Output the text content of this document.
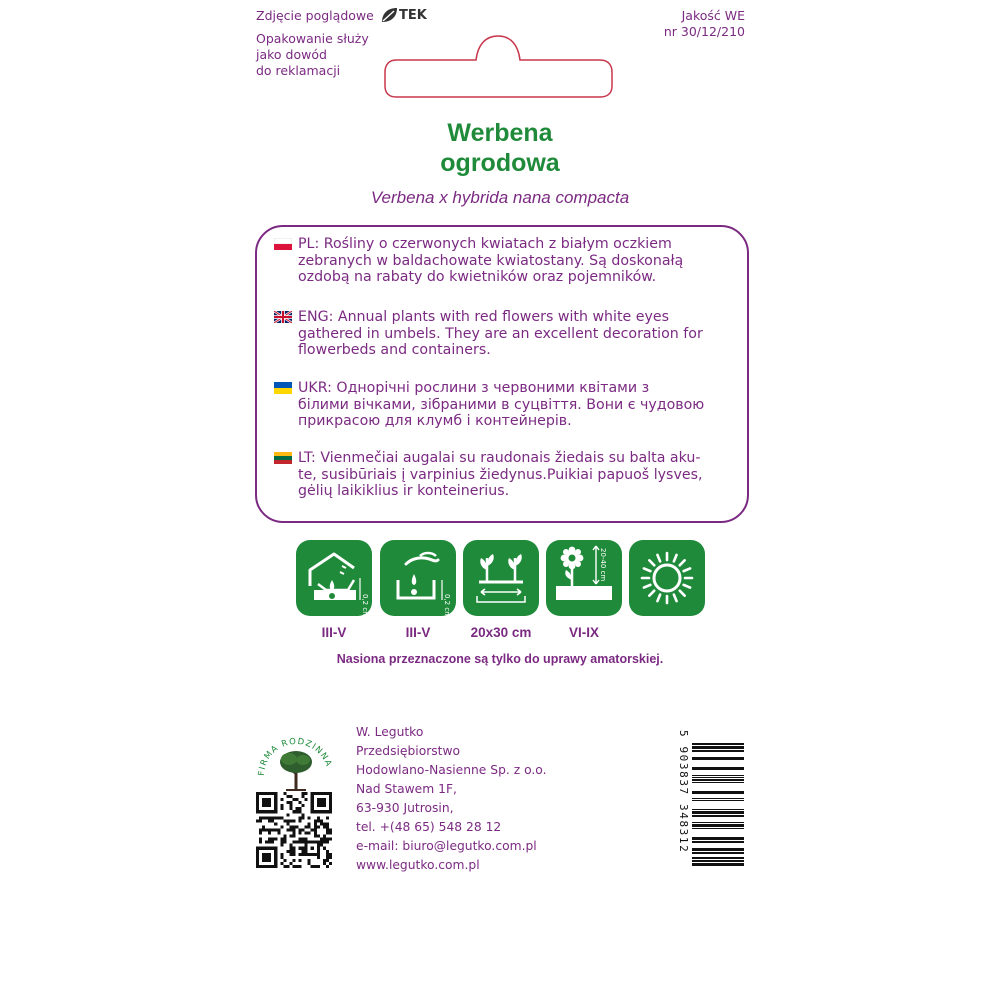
Zdjęcie poglądowe TEK
Opakowanie służy
jako dowód
do reklamacji
Jakość WE
nr 30/12/210
Werbena
ogrodowa
Verbena x hybrida nana compacta
PL: Rośliny o czerwonych kwiatach z białym oczkiem
zebranych w baldachowate kwiatostany. Są doskonałą
ozdobą na rabaty do kwietników oraz pojemników.
ENG: Annual plants with red flowers with white eyes
gathered in umbels. They are an excellent decoration for
flowerbeds and containers.
UKR: Однорічні рослини з червоними квітами з
білими вічками, зібраними в суцвіття. Вони є чудовою
прикрасою для клумб і контейнерів.
LT: Vienmečiai augalai su raudonais žiedais su balta aku-
te, susibūriais į varpinius žiedynus.Puikiai papuoš lysves,
gėlių laikiklius ir konteinerius.
0,2 cm	0,2 cm
20-40 cm
III-V	III-V	20x30 cm	VI-IX
Nasiona przeznaczone są tylko do uprawy amatorskiej.
FIRMA RODZINNA
W. Legutko
Przedsiębiorstwo
Hodowlano-Nasienne Sp. z o.o.
Nad Stawem 1F,
63-930 Jutrosin,
tel. +(48 65) 548 28 12
e-mail: biuro@legutko.com.pl
www.legutko.com.pl
5 903837 348312
